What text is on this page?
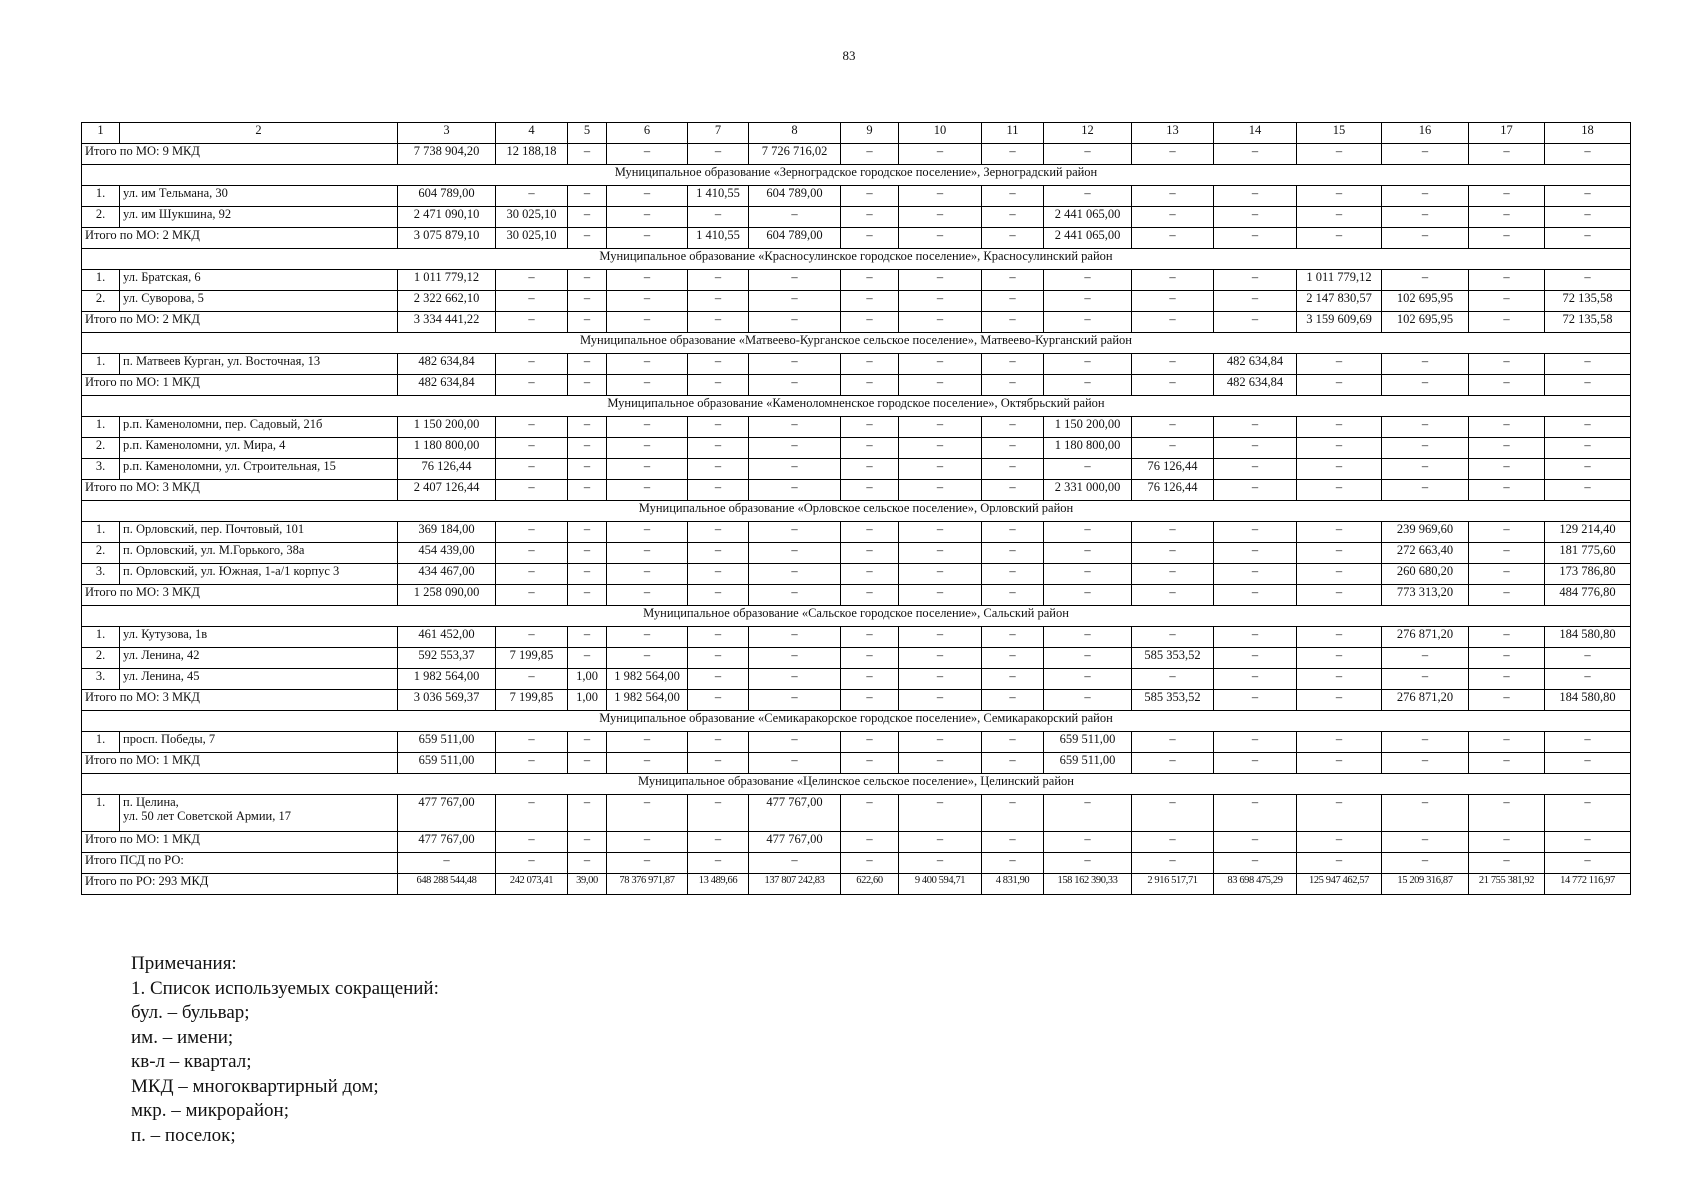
83
1	2	3	4	5	6	7	8	9	10	11	12	13	14	15	16	17	18
Итого по МО: 9 МКД		7 738 904,20	12 188,18	–	–	–	7 726 716,02	–	–	–	–	–	–	–	–	–	–
Муниципальное образование «Зерноградское городское поселение», Зерноградский район																	
1.	ул. им Тельмана, 30	604 789,00	–	–	–	1 410,55	604 789,00	–	–	–	–	–	–	–	–	–	–
2.	ул. им Шукшина, 92	2 471 090,10	30 025,10	–	–	–	–	–	–	–	2 441 065,00	–	–	–	–	–	–
Итого по МО: 2 МКД		3 075 879,10	30 025,10	–	–	1 410,55	604 789,00	–	–	–	2 441 065,00	–	–	–	–	–	–
Муниципальное образование «Красносулинское городское поселение», Красносулинский район																	
1.	ул. Братская, 6	1 011 779,12	–	–	–	–	–	–	–	–	–	–	–	1 011 779,12	–	–	–
2.	ул. Суворова, 5	2 322 662,10	–	–	–	–	–	–	–	–	–	–	–	2 147 830,57	102 695,95	–	72 135,58
Итого по МО: 2 МКД		3 334 441,22	–	–	–	–	–	–	–	–	–	–	–	3 159 609,69	102 695,95	–	72 135,58
Муниципальное образование «Матвеево-Курганское сельское поселение», Матвеево-Курганский район																	
1.	п. Матвеев Курган, ул. Восточная, 13	482 634,84	–	–	–	–	–	–	–	–	–	–	482 634,84	–	–	–	–
Итого по МО: 1 МКД		482 634,84	–	–	–	–	–	–	–	–	–	–	482 634,84	–	–	–	–
Муниципальное образование «Каменоломненское городское поселение», Октябрьский район																	
1.	р.п. Каменоломни, пер. Садовый, 21б	1 150 200,00	–	–	–	–	–	–	–	–	1 150 200,00	–	–	–	–	–	–
2.	р.п. Каменоломни, ул. Мира, 4	1 180 800,00	–	–	–	–	–	–	–	–	1 180 800,00	–	–	–	–	–	–
3.	р.п. Каменоломни, ул. Строительная, 15	76 126,44	–	–	–	–	–	–	–	–	–	76 126,44	–	–	–	–	–
Итого по МО: 3 МКД		2 407 126,44	–	–	–	–	–	–	–	–	2 331 000,00	76 126,44	–	–	–	–	–
Муниципальное образование «Орловское сельское поселение», Орловский район																	
1.	п. Орловский, пер. Почтовый, 101	369 184,00	–	–	–	–	–	–	–	–	–	–	–	–	239 969,60	–	129 214,40
2.	п. Орловский, ул. М.Горького, 38а	454 439,00	–	–	–	–	–	–	–	–	–	–	–	–	272 663,40	–	181 775,60
3.	п. Орловский, ул. Южная, 1-а/1 корпус 3	434 467,00	–	–	–	–	–	–	–	–	–	–	–	–	260 680,20	–	173 786,80
Итого по МО: 3 МКД		1 258 090,00	–	–	–	–	–	–	–	–	–	–	–	–	773 313,20	–	484 776,80
Муниципальное образование «Сальское городское поселение», Сальский район																	
1.	ул. Кутузова, 1в	461 452,00	–	–	–	–	–	–	–	–	–	–	–	–	276 871,20	–	184 580,80
2.	ул. Ленина, 42	592 553,37	7 199,85	–	–	–	–	–	–	–	–	585 353,52	–	–	–	–	–
3.	ул. Ленина, 45	1 982 564,00	–	1,00	1 982 564,00	–	–	–	–	–	–	–	–	–	–	–	–
Итого по МО: 3 МКД		3 036 569,37	7 199,85	1,00	1 982 564,00	–	–	–	–	–	–	585 353,52	–	–	276 871,20	–	184 580,80
Муниципальное образование «Семикаракорское городское поселение», Семикаракорский район																	
1.	просп. Победы, 7	659 511,00	–	–	–	–	–	–	–	–	659 511,00	–	–	–	–	–	–
Итого по МО: 1 МКД		659 511,00	–	–	–	–	–	–	–	–	659 511,00	–	–	–	–	–	–
Муниципальное образование «Целинское сельское поселение», Целинский район																	
1.	п. Целина,
ул. 50 лет Советской Армии, 17	477 767,00	–	–	–	–	477 767,00	–	–	–	–	–	–	–	–	–	–
Итого по МО: 1 МКД		477 767,00	–	–	–	–	477 767,00	–	–	–	–	–	–	–	–	–	–
Итого ПСД по РО:		–	–	–	–	–	–	–	–	–	–	–	–	–	–	–	–
Итого по РО: 293 МКД		648 288 544,48	242 073,41	39,00	78 376 971,87	13 489,66	137 807 242,83	622,60	9 400 594,71	4 831,90	158 162 390,33	2 916 517,71	83 698 475,29	125 947 462,57	15 209 316,87	21 755 381,92	14 772 116,97
Примечания:
1. Список используемых сокращений:
бул. – бульвар;
им. – имени;
кв-л – квартал;
МКД – многоквартирный дом;
мкр. – микрорайон;
п. – поселок;
